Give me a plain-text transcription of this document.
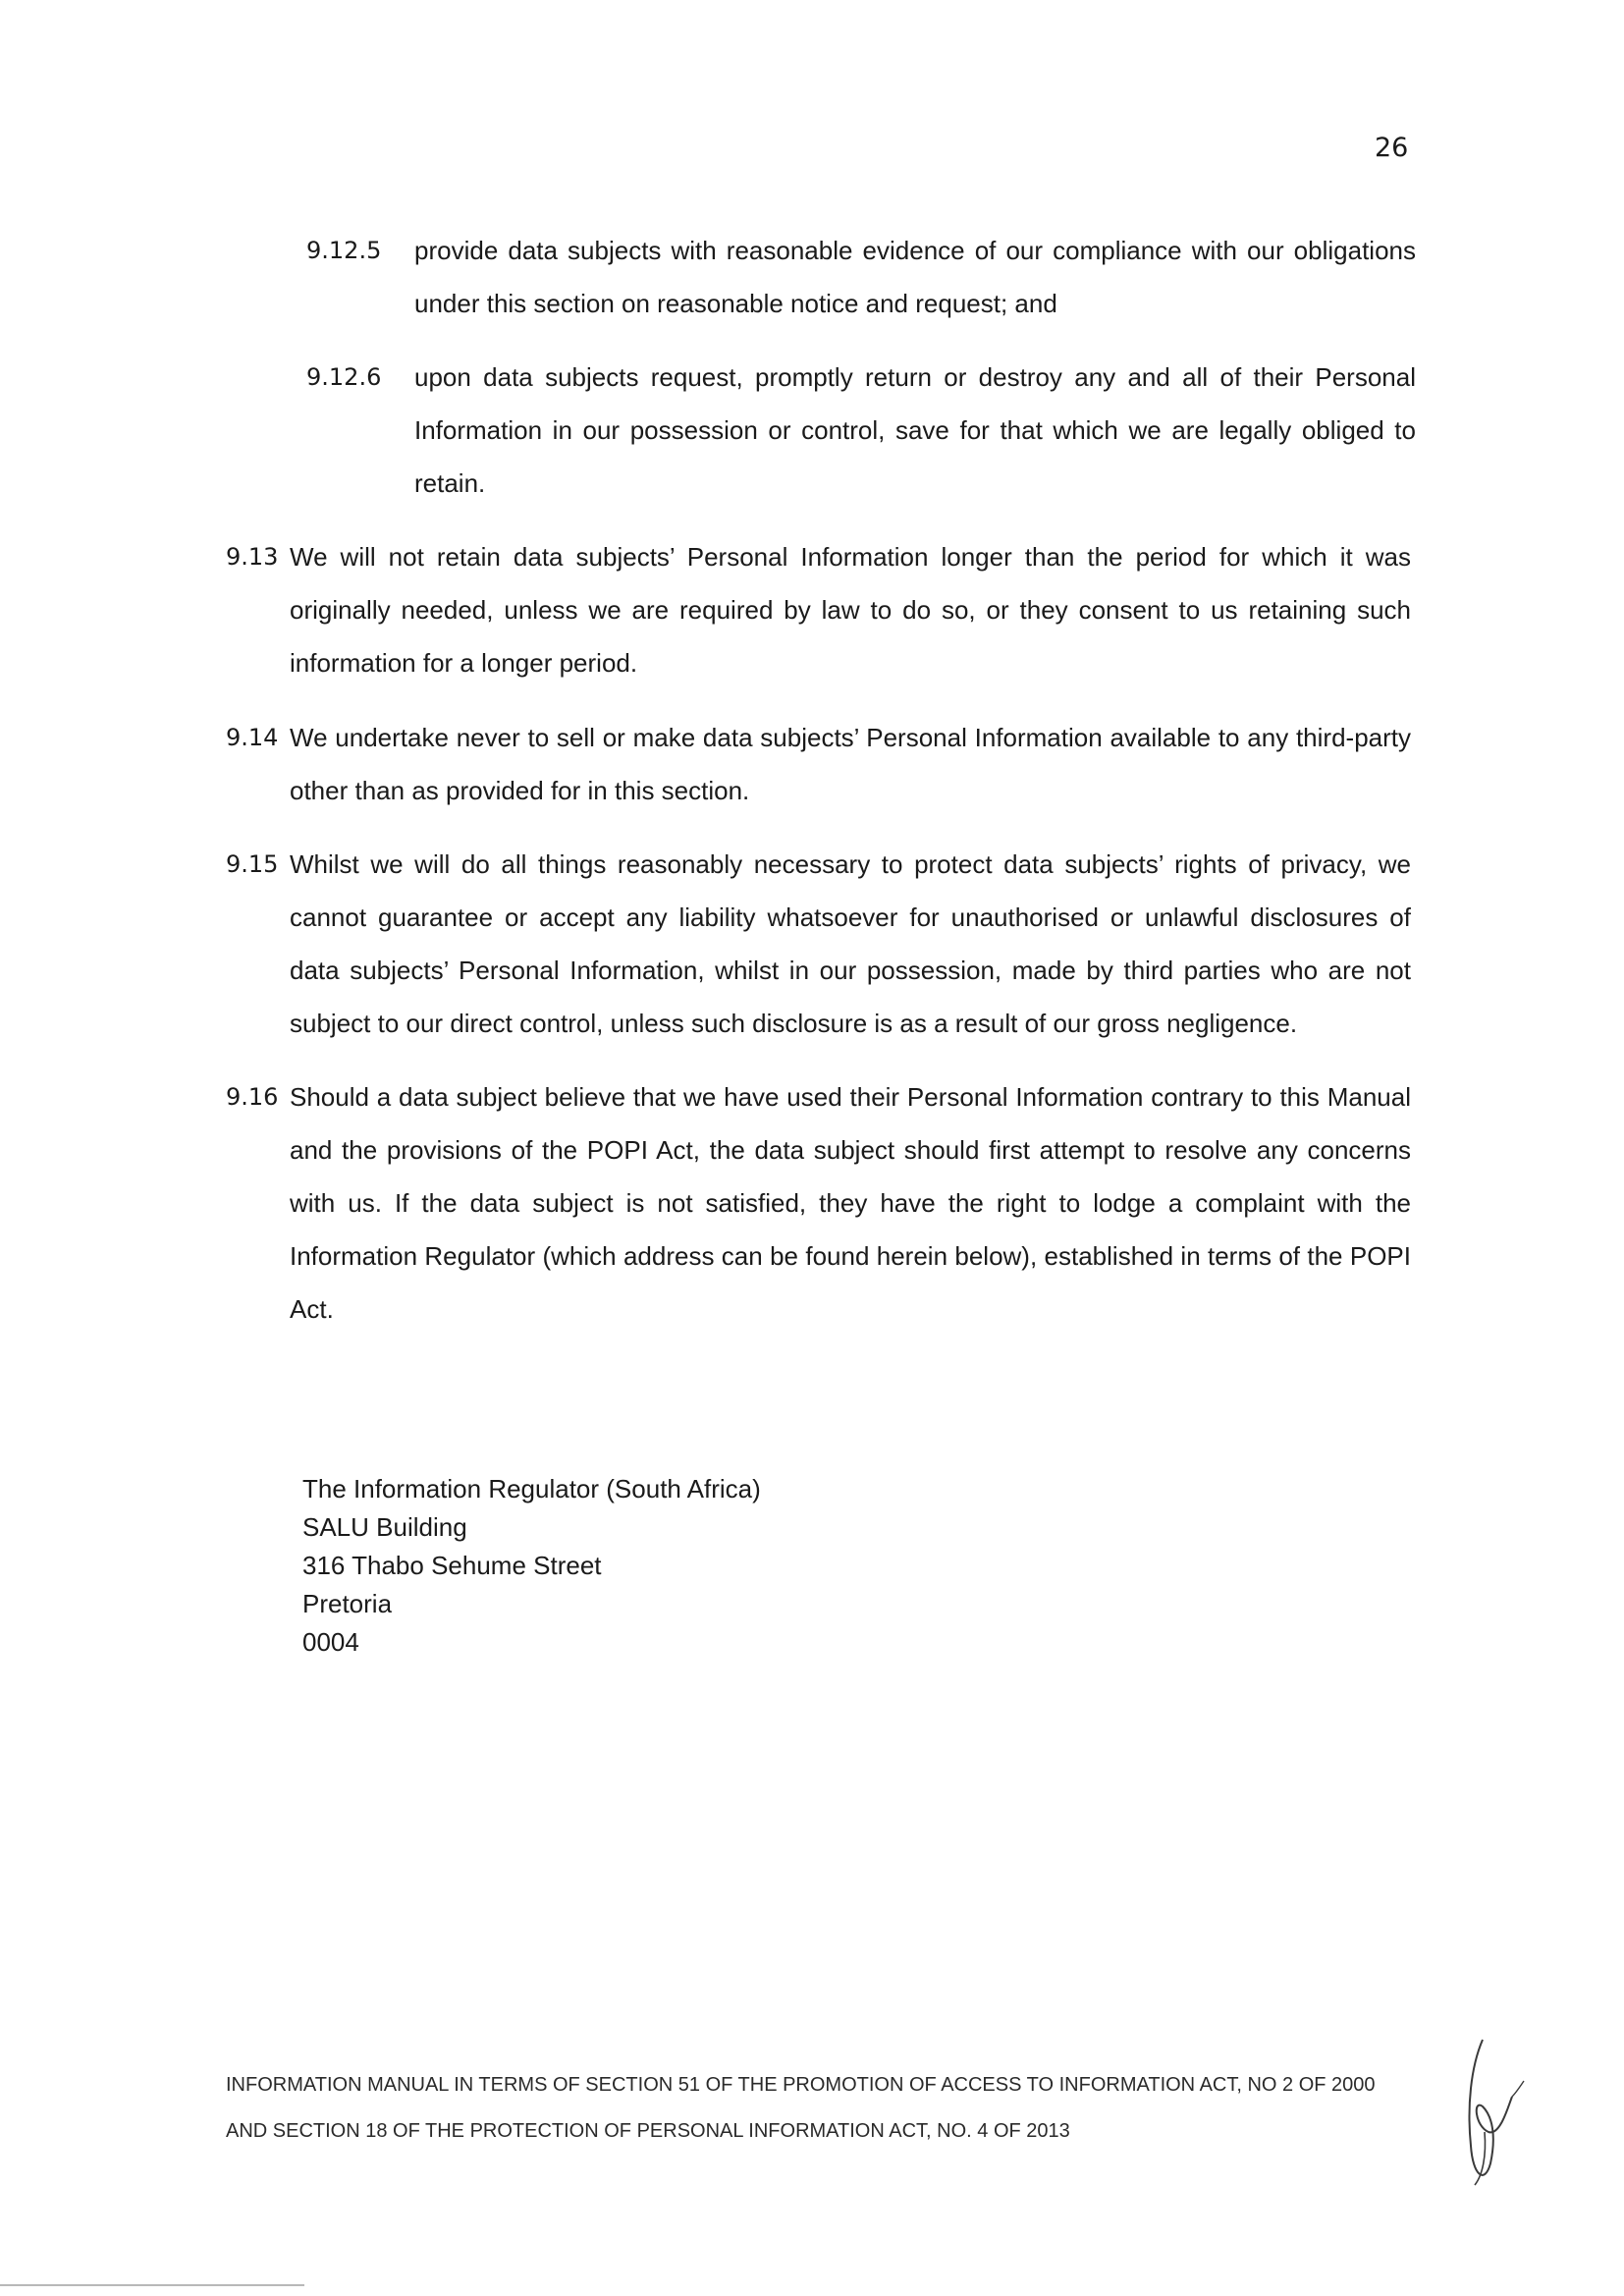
26
9.12.5 provide data subjects with reasonable evidence of our compliance with our obligations under this section on reasonable notice and request; and
9.12.6 upon data subjects request, promptly return or destroy any and all of their Personal Information in our possession or control, save for that which we are legally obliged to retain.
9.13 We will not retain data subjects’ Personal Information longer than the period for which it was originally needed, unless we are required by law to do so, or they consent to us retaining such information for a longer period.
9.14 We undertake never to sell or make data subjects’ Personal Information available to any third-party other than as provided for in this section.
9.15 Whilst we will do all things reasonably necessary to protect data subjects’ rights of privacy, we cannot guarantee or accept any liability whatsoever for unauthorised or unlawful disclosures of data subjects’ Personal Information, whilst in our possession, made by third parties who are not subject to our direct control, unless such disclosure is as a result of our gross negligence.
9.16 Should a data subject believe that we have used their Personal Information contrary to this Manual and the provisions of the POPI Act, the data subject should first attempt to resolve any concerns with us. If the data subject is not satisfied, they have the right to lodge a complaint with the Information Regulator (which address can be found herein below), established in terms of the POPI Act.
The Information Regulator (South Africa)
SALU Building
316 Thabo Sehume Street
Pretoria
0004
INFORMATION MANUAL IN TERMS OF SECTION 51 OF THE PROMOTION OF ACCESS TO INFORMATION ACT, NO 2 OF 2000
AND SECTION 18 OF THE PROTECTION OF PERSONAL INFORMATION ACT, NO. 4 OF 2013
